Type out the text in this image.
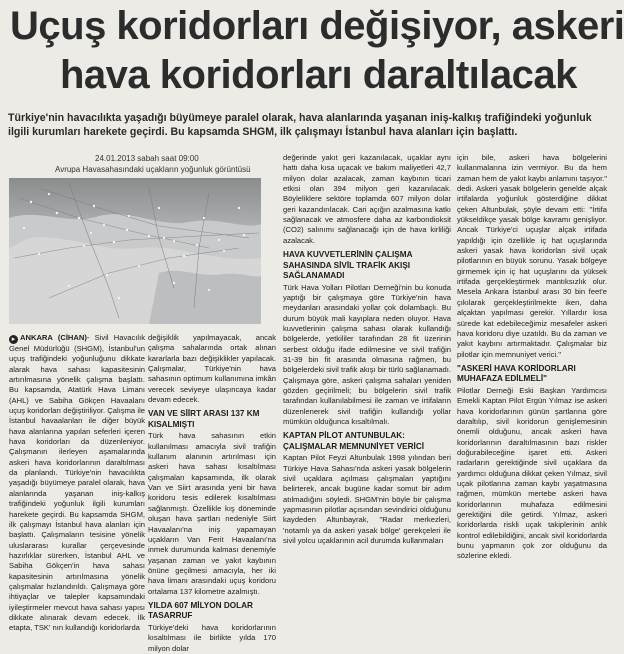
Uçuş koridorları değişiyor, askeri
hava koridorları daraltılacak
Türkiye'nin havacılıkta yaşadığı büyümeye paralel olarak, hava alanlarında yaşanan iniş-kalkış trafiğindeki yoğunluk ilgili kurumları harekete geçirdi. Bu kapsamda SHGM, ilk çalışmayı İstanbul hava alanları için başlattı.
24.01.2013 sabah saat 09:00
Avrupa Havasahasındaki uçakların yoğunluk görüntüsü

▸ ANKARA (CİHAN)- Sivil Havacılık Genel Müdürlüğü (SHGM), İstanbul'un uçuş trafiğindeki yoğunluğunu dikkate alarak hava sahası kapasitesinin artırılmasına yönelik çalışma başlattı. Bu kapsamda, Atatürk Hava Limanı (AHL) ve Sabiha Gökçen Havaalanı uçuş koridorları değiştiriliyor. Çalışma ile İstanbul havaalanları ile diğer büyük hava alanlarına yapılan seferleri içeren hava koridorları da düzenleniyor. Çalışmanın ilerleyen aşamalarında askeri hava koridorlarının daraltılması da planlandı. Türkiye'nin havacılıkta yaşadığı büyümeye paralel olarak, hava alanlarında yaşanan iniş-kalkış trafiğindeki yoğunluk ilgili kurumları harekete geçirdi. Bu kapsamda SHGM, ilk çalışmayı İstanbul hava alanları için başlattı. Çalışmaların tesisine yönelik uluslararası kurallar çerçevesinde hazırlıklar sürerken, İstanbul AHL ve Sabiha Gökçen'in hava sahası kapasitesinin artırılmasına yönelik çalışmalar hızlandırıldı. Çalışmaya göre ihtiyaçlar ve talepler kapsamındaki iyileştirmeler mevcut hava sahası yapısı dikkate alınarak devam edecek. İlk etapta, TSK' nın kullandığı koridorlarda

değişiklik yapılmayacak, ancak çalışma sahalarında ortak alınan kararlarla bazı değişiklikler yapılacak. Çalışmalar, Türkiye'nin hava sahasının optimum kullanımına imkân verecek seviyeye ulaşıncaya kadar devam edecek.

VAN VE SİİRT ARASI 137 KM KISALMIŞTI

Türk hava sahasının etkin kullanılması amacıyla sivil trafiğin kullanım alanının artırılması için askeri hava sahası kısaltılması çalışmaları kapsamında, ilk olarak Van ve Siirt arasında yeni bir hava koridoru tesis edilerek kısaltılması sağlanmıştı. Özellikle kış döneminde oluşan hava şartları nedeniyle Siirt Havaalanı'na iniş yapamayan uçakların Van Ferit Havaalanı'na inmek durumunda kalması denemiyle yaşanan zaman ve yakıt kaybının önüne geçilmesi amacıyla, her iki hava limanı arasındaki uçuş koridoru ortalama 137 kilometre azalmıştı.

YILDA 607 MİLYON DOLAR TASARRUF

Türkiye'deki hava koridorlarının kısaltılması ile birlikte yılda 170 milyon dolar

değerinde yakıt geri kazanılacak, uçaklar aynı hattı daha kısa uçacak ve bakım maliyetleri 42,7 milyon dolar azalacak, zaman kaybının ticari etkisi olan 394 milyon geri kazanılacak. Böyleliklere sektöre toplamda 607 milyon dolar geri kazandırılacak. Cari açığın azalmasına katkı sağlanacak ve atmosfere daha az karbondioksit (CO2) salınımı sağlanacağı için de hava kirliliği azalacak.

HAVA KUVVETLERİNİN ÇALIŞMA SAHASINDA SİVİL TRAFİK AKIŞI SAĞLANAMADI

Türk Hava Yolları Pilotları Derneği'nin bu konuda yaptığı bir çalışmaya göre Türkiye'nin hava meydanları arasındaki yollar çok dolambaçlı. Bu durum büyük mali kayıplara neden oluyor. Hava kuvvetlerinin çalışma sahası olarak kullandığı bölgelerde, yetkililer tarafından 28 fit üzerinin serbest olduğu ifade edilmesine ve sivil trafiğin 31-39 bin fit arasında olmasına rağmen, bu bölgelerdeki sivil trafik akışı bir türlü sağlanamadı. Çalışmaya göre, askeri çalışma sahaları yeniden gözden geçirilmeli; bu bölgelerin sivil trafik tarafından kullanılabilmesi ile zaman ve irtifaların düzenlenerek sivil trafiğin kullandığı yollar mümkün olduğunca kısaltılmalı.

KAPTAN PİLOT ANTUNBULAK: ÇALIŞMALAR MEMNUNİYET VERİCİ

Kaptan Pilot Feyzi Altunbulak 1998 yılından beri Türkiye Hava Sahası'nda askeri yasak bölgelerin sivil uçaklara açılması çalışmaları yaptığını belirterek, ancak bugüne kadar somut bir adım atılmadığını söyledi. SHGM'nin böyle bir çalışma yapmasının pilotlar açısından sevindirici olduğunu kaydeden Altunbayrak, "Radar merkezleri, 'notamlı ya da askeri yasak bölge' gerekçeleri ile sivil yolcu uçaklarının acil durumda kullanmaları

için bile, askeri hava bölgelerini kullanmalarına izin vermiyor. Bu da hem zaman hem de yakıt kaybı anlamını taşıyor." dedi. Askeri yasak bölgelerin genelde alçak irtifalarda yoğunluk gösterdiğine dikkat çeken Altunbulak, şöyle devam etti: "İrtifa yükseldikçe yasak bölge kavramı genişliyor. Ancak Türkiye'ci uçuşlar alçak irtifada yapıldığı için özellikle iç hat uçuşlarında askeri yasak hava koridorları sivil uçak pilotlarının en büyük sorunu. Yasak bölgeye girmemek için iç hat uçuşlarını da yüksek irtifada gerçekleştirmek mantıksızlık olur. Mesela Ankara İstanbul arası 30 bin feet'e çıkılarak gerçekleştirilmekte iken, daha alçaktan yapılması gerekir. Yıllardır kısa sürede kat edebileceğimiz mesafeler askeri hava koridoru diye uzatıldı. Bu da zaman ve yakıt kaybını artırmaktadır. Çalışmalar biz pilotlar için memnuniyet verici."

"ASKERİ HAVA KORİDORLARI MUHAFAZA EDİLMELİ"

Pilotlar Derneği Eski Başkan Yardımcısı Emekli Kaptan Pilot Ergün Yılmaz ise askeri hava koridorlarının günün şartlarına göre daraltılıp, sivil koridorun genişlemesinin önemli olduğunu, ancak askeri hava koridorlarının daraltılmasının bazı riskler doğurabileceğine işaret etti. Askeri radarların gerektiğinde sivil uçaklara da yardımcı olduğuna dikkat çeken Yılmaz, sivil uçak pilotlarına zaman kaybı yaşatmasına rağmen, mümkün mertebe askeri hava koridorlarının muhafaza edilmesini gerektiğini dile getirdi. Yılmaz, askeri koridorlarda riskli uçak takiplerinin anlık kontrol edilebildiğini, ancak sivil koridorlarda bunu yapmanın çok zor olduğunu da sözlerine ekledi.
